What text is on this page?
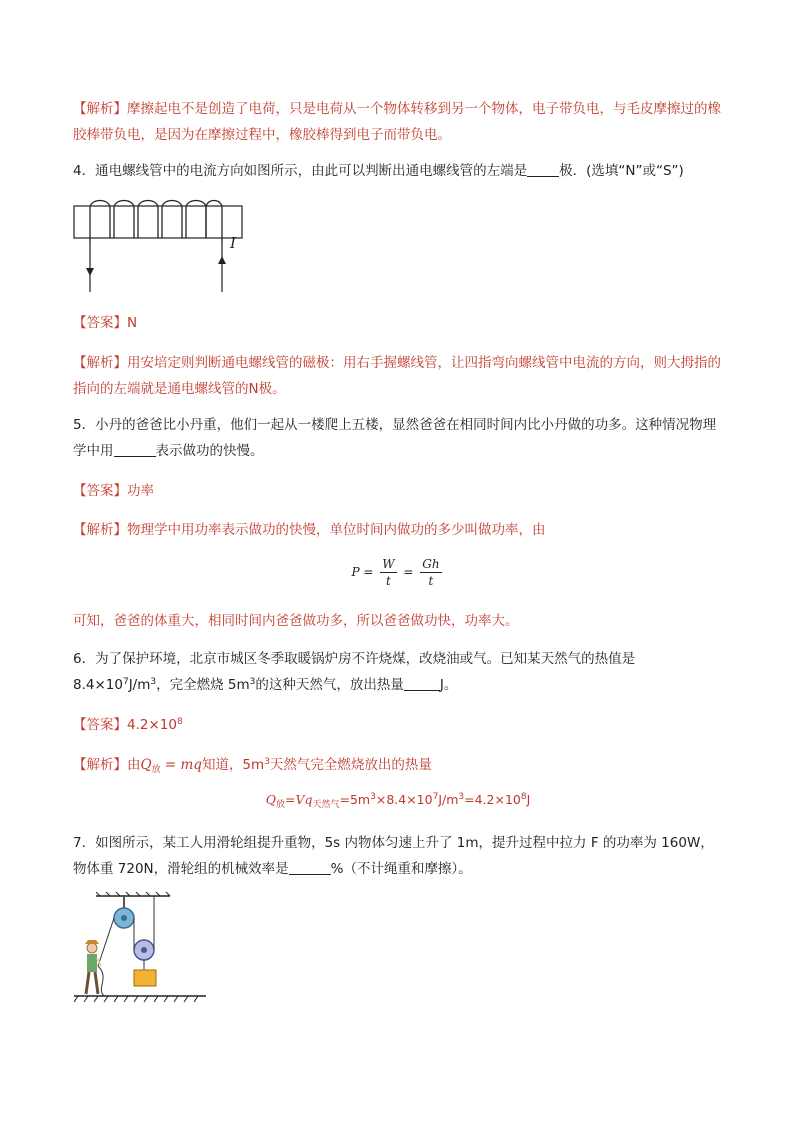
【解析】摩擦起电不是创造了电荷，只是电荷从一个物体转移到另一个物体，电子带负电，与毛皮摩擦过的橡胶棒带负电，是因为在摩擦过程中，橡胶棒得到电子而带负电。
4．通电螺线管中的电流方向如图所示，由此可以判断出通电螺线管的左端是 极．(选填“N”或“S”)
I
【答案】N
【解析】用安培定则判断通电螺线管的磁极：用右手握螺线管，让四指弯向螺线管中电流的方向，则大拇指的指向的左端就是通电螺线管的N极。
5．小丹的爸爸比小丹重，他们一起从一楼爬上五楼，显然爸爸在相同时间内比小丹做的功多。这种情况物理学中用	表示做功的快慢。
【答案】功率
【解析】物理学中用功率表示做功的快慢，单位时间内做功的多少叫做功率，由
$P = \frac{W}{t} = \frac{Gh}{t}$
可知，爸爸的体重大，相同时间内爸爸做功多，所以爸爸做功快，功率大。
6．为了保护环境，北京市城区冬季取暖锅炉房不许烧煤，改烧油或气。已知某天然气的热值是
$8.4\times 10^7J/m^3$，完全燃烧 $5m^3$的这种天然气，放出热量	J。
【答案】$4.2\times 10^8$
【解析】由$Q_放$ = mq知道，$5m^3$天然气完全燃烧放出的热量
$Q_放=Vq_{天然气}=5m^3\times 8.4\times 10^7J/m^3=4.2\times 10^8J$
7．如图所示，某工人用滑轮组提升重物，5s 内物体匀速上升了 1m，提升过程中拉力 F 的功率为 160W，
物体重 720N，滑轮组的机械效率是	%（不计绳重和摩擦）。
